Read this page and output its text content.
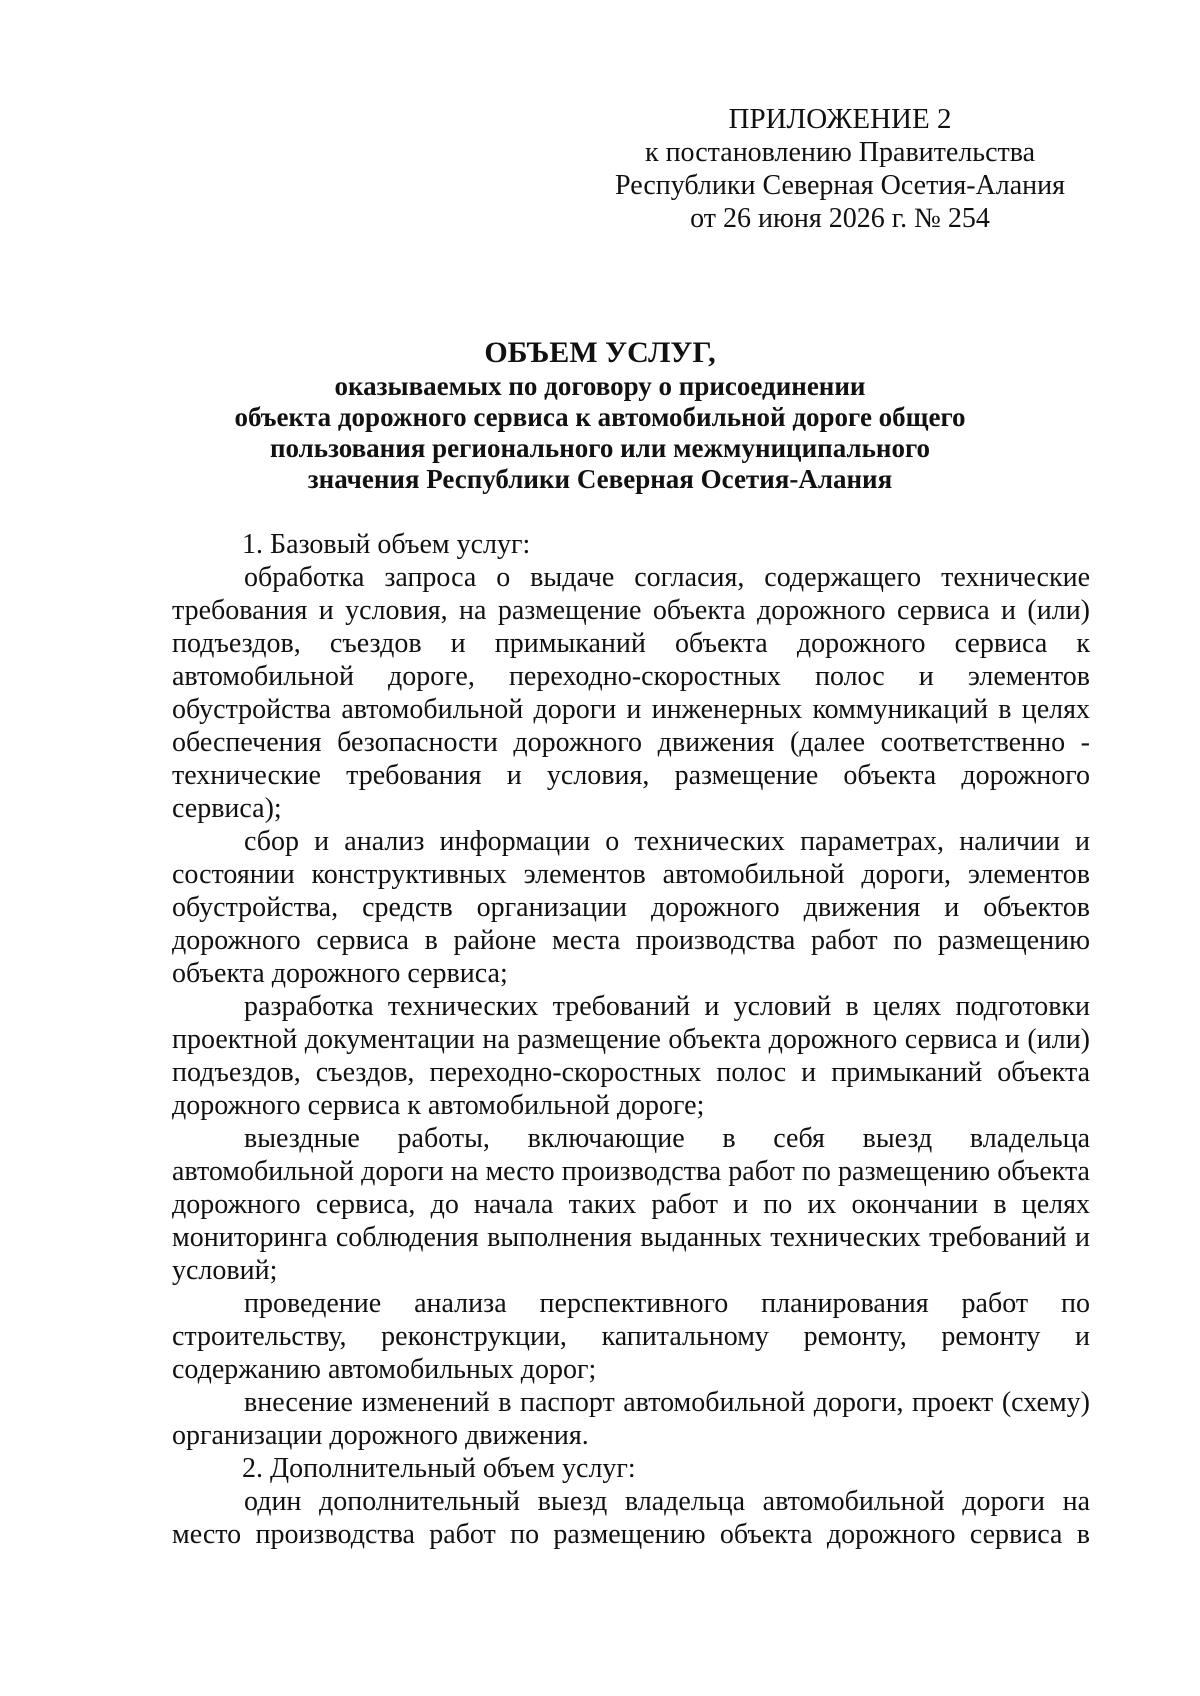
ПРИЛОЖЕНИЕ 2
к постановлению Правительства
Республики Северная Осетия-Алания
от 26 июня 2026 г. № 254
ОБЪЕМ УСЛУГ,
оказываемых по договору о присоединении
объекта дорожного сервиса к автомобильной дороге общего
пользования регионального или межмуниципального
значения Республики Северная Осетия-Алания

1. Базовый объем услуг:

обработка запроса о выдаче согласия, содержащего технические требования и условия, на размещение объекта дорожного сервиса и (или) подъездов, съездов и примыканий объекта дорожного сервиса к автомобильной дороге, переходно-скоростных полос и элементов обустройства автомобильной дороги и инженерных коммуникаций в целях обеспечения безопасности дорожного движения (далее соответственно - технические требования и условия, размещение объекта дорожного сервиса);

сбор и анализ информации о технических параметрах, наличии и состоянии конструктивных элементов автомобильной дороги, элементов обустройства, средств организации дорожного движения и объектов дорожного сервиса в районе места производства работ по размещению объекта дорожного сервиса;

разработка технических требований и условий в целях подготовки проектной документации на размещение объекта дорожного сервиса и (или) подъездов, съездов, переходно-скоростных полос и примыканий объекта дорожного сервиса к автомобильной дороге;

выездные работы, включающие в себя выезд владельца автомобильной дороги на место производства работ по размещению объекта дорожного сервиса, до начала таких работ и по их окончании в целях мониторинга соблюдения выполнения выданных технических требований и условий;

проведение анализа перспективного планирования работ по строительству, реконструкции, капитальному ремонту, ремонту и содержанию автомобильных дорог;

внесение изменений в паспорт автомобильной дороги, проект (схему) организации дорожного движения.

2. Дополнительный объем услуг:

один дополнительный выезд владельца автомобильной дороги на место производства работ по размещению объекта дорожного сервиса в
